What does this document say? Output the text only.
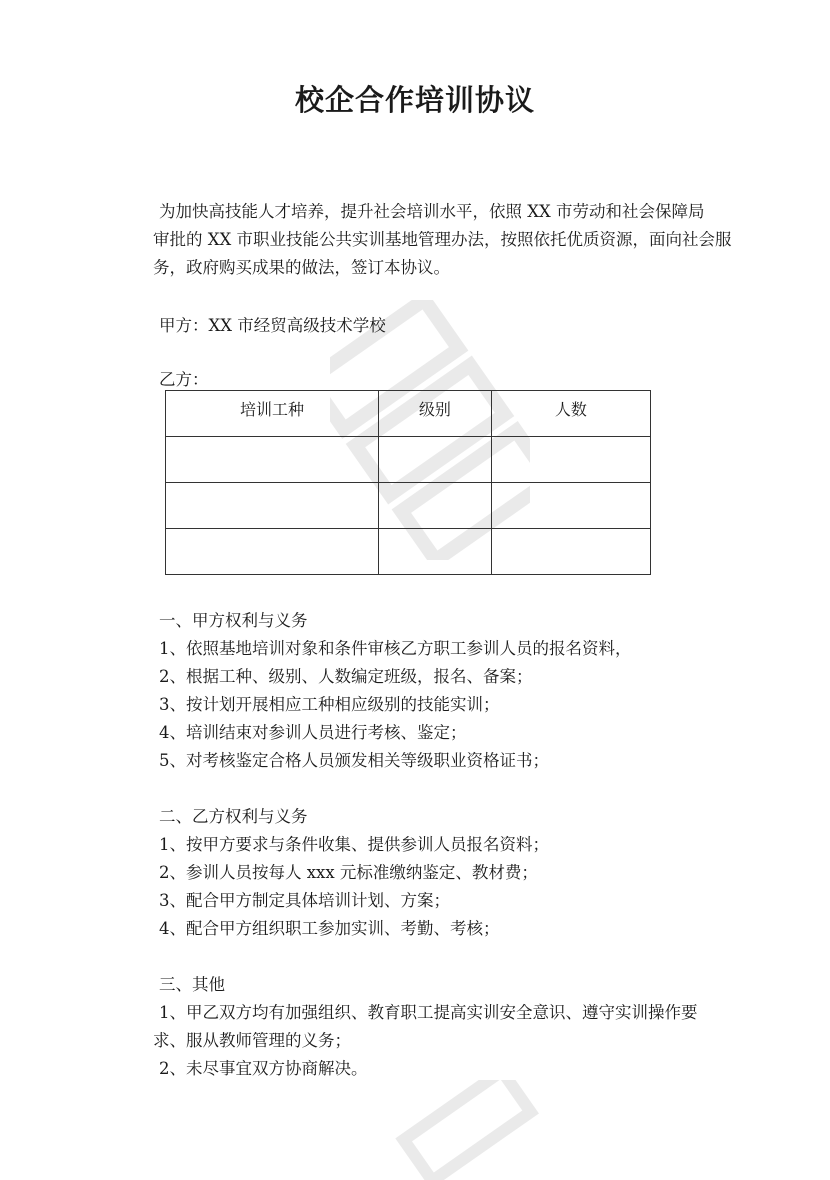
校企合作培训协议
为加快高技能人才培养，提升社会培训水平，依照 XX 市劳动和社会保障局
审批的 XX 市职业技能公共实训基地管理办法，按照依托优质资源，面向社会服
务，政府购买成果的做法，签订本协议。
甲方：XX 市经贸高级技术学校
乙方：
培训工种	级别	人数

一、甲方权利与义务
1、依照基地培训对象和条件审核乙方职工参训人员的报名资料，
2、根据工种、级别、人数编定班级，报名、备案；
3、按计划开展相应工种相应级别的技能实训；
4、培训结束对参训人员进行考核、鉴定；
5、对考核鉴定合格人员颁发相关等级职业资格证书；
二、乙方权利与义务
1、按甲方要求与条件收集、提供参训人员报名资料；
2、参训人员按每人 xxx 元标准缴纳鉴定、教材费；
3、配合甲方制定具体培训计划、方案；
4、配合甲方组织职工参加实训、考勤、考核；
三、其他
1、甲乙双方均有加强组织、教育职工提高实训安全意识、遵守实训操作要
求、服从教师管理的义务；
2、未尽事宜双方协商解决。
